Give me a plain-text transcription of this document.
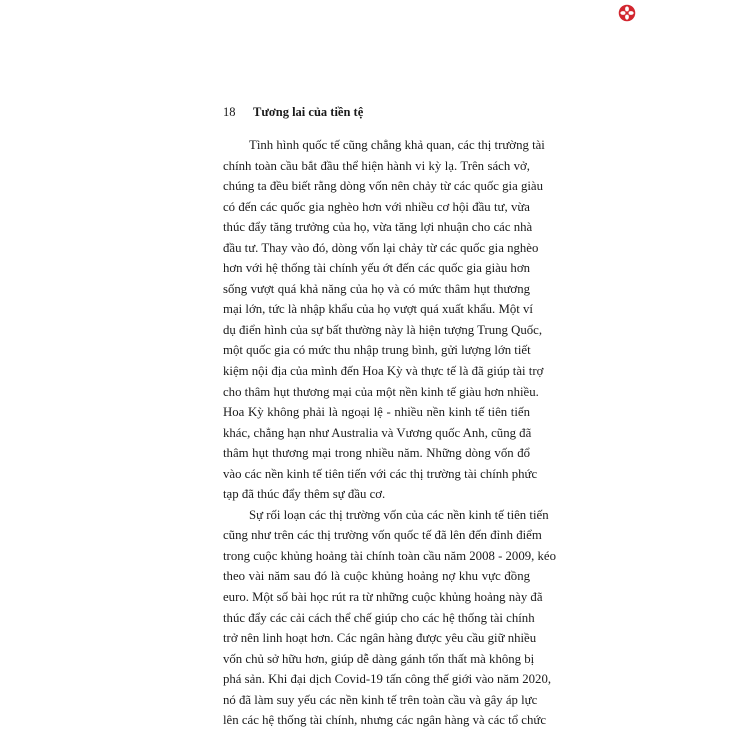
18 Tương lai của tiền tệ
Tình hình quốc tế cũng chẳng khả quan, các thị trường tài
chính toàn cầu bắt đầu thể hiện hành vi kỳ lạ. Trên sách vở,
chúng ta đều biết rằng dòng vốn nên chảy từ các quốc gia giàu
có đến các quốc gia nghèo hơn với nhiều cơ hội đầu tư, vừa
thúc đẩy tăng trưởng của họ, vừa tăng lợi nhuận cho các nhà
đầu tư. Thay vào đó, dòng vốn lại chảy từ các quốc gia nghèo
hơn với hệ thống tài chính yếu ớt đến các quốc gia giàu hơn
sống vượt quá khả năng của họ và có mức thâm hụt thương
mại lớn, tức là nhập khẩu của họ vượt quá xuất khẩu. Một ví
dụ điển hình của sự bất thường này là hiện tượng Trung Quốc,
một quốc gia có mức thu nhập trung bình, gửi lượng lớn tiết
kiệm nội địa của mình đến Hoa Kỳ và thực tế là đã giúp tài trợ
cho thâm hụt thương mại của một nền kinh tế giàu hơn nhiều.
Hoa Kỳ không phải là ngoại lệ - nhiều nền kinh tế tiên tiến
khác, chẳng hạn như Australia và Vương quốc Anh, cũng đã
thâm hụt thương mại trong nhiều năm. Những dòng vốn đổ
vào các nền kinh tế tiên tiến với các thị trường tài chính phức
tạp đã thúc đẩy thêm sự đầu cơ.
Sự rối loạn các thị trường vốn của các nền kinh tế tiên tiến
cũng như trên các thị trường vốn quốc tế đã lên đến đỉnh điểm
trong cuộc khủng hoảng tài chính toàn cầu năm 2008 - 2009, kéo
theo vài năm sau đó là cuộc khủng hoảng nợ khu vực đồng
euro. Một số bài học rút ra từ những cuộc khủng hoảng này đã
thúc đẩy các cải cách thể chế giúp cho các hệ thống tài chính
trở nên linh hoạt hơn. Các ngân hàng được yêu cầu giữ nhiều
vốn chủ sở hữu hơn, giúp dễ dàng gánh tổn thất mà không bị
phá sản. Khi đại dịch Covid-19 tấn công thế giới vào năm 2020,
nó đã làm suy yếu các nền kinh tế trên toàn cầu và gây áp lực
lên các hệ thống tài chính, nhưng các ngân hàng và các tổ chức
